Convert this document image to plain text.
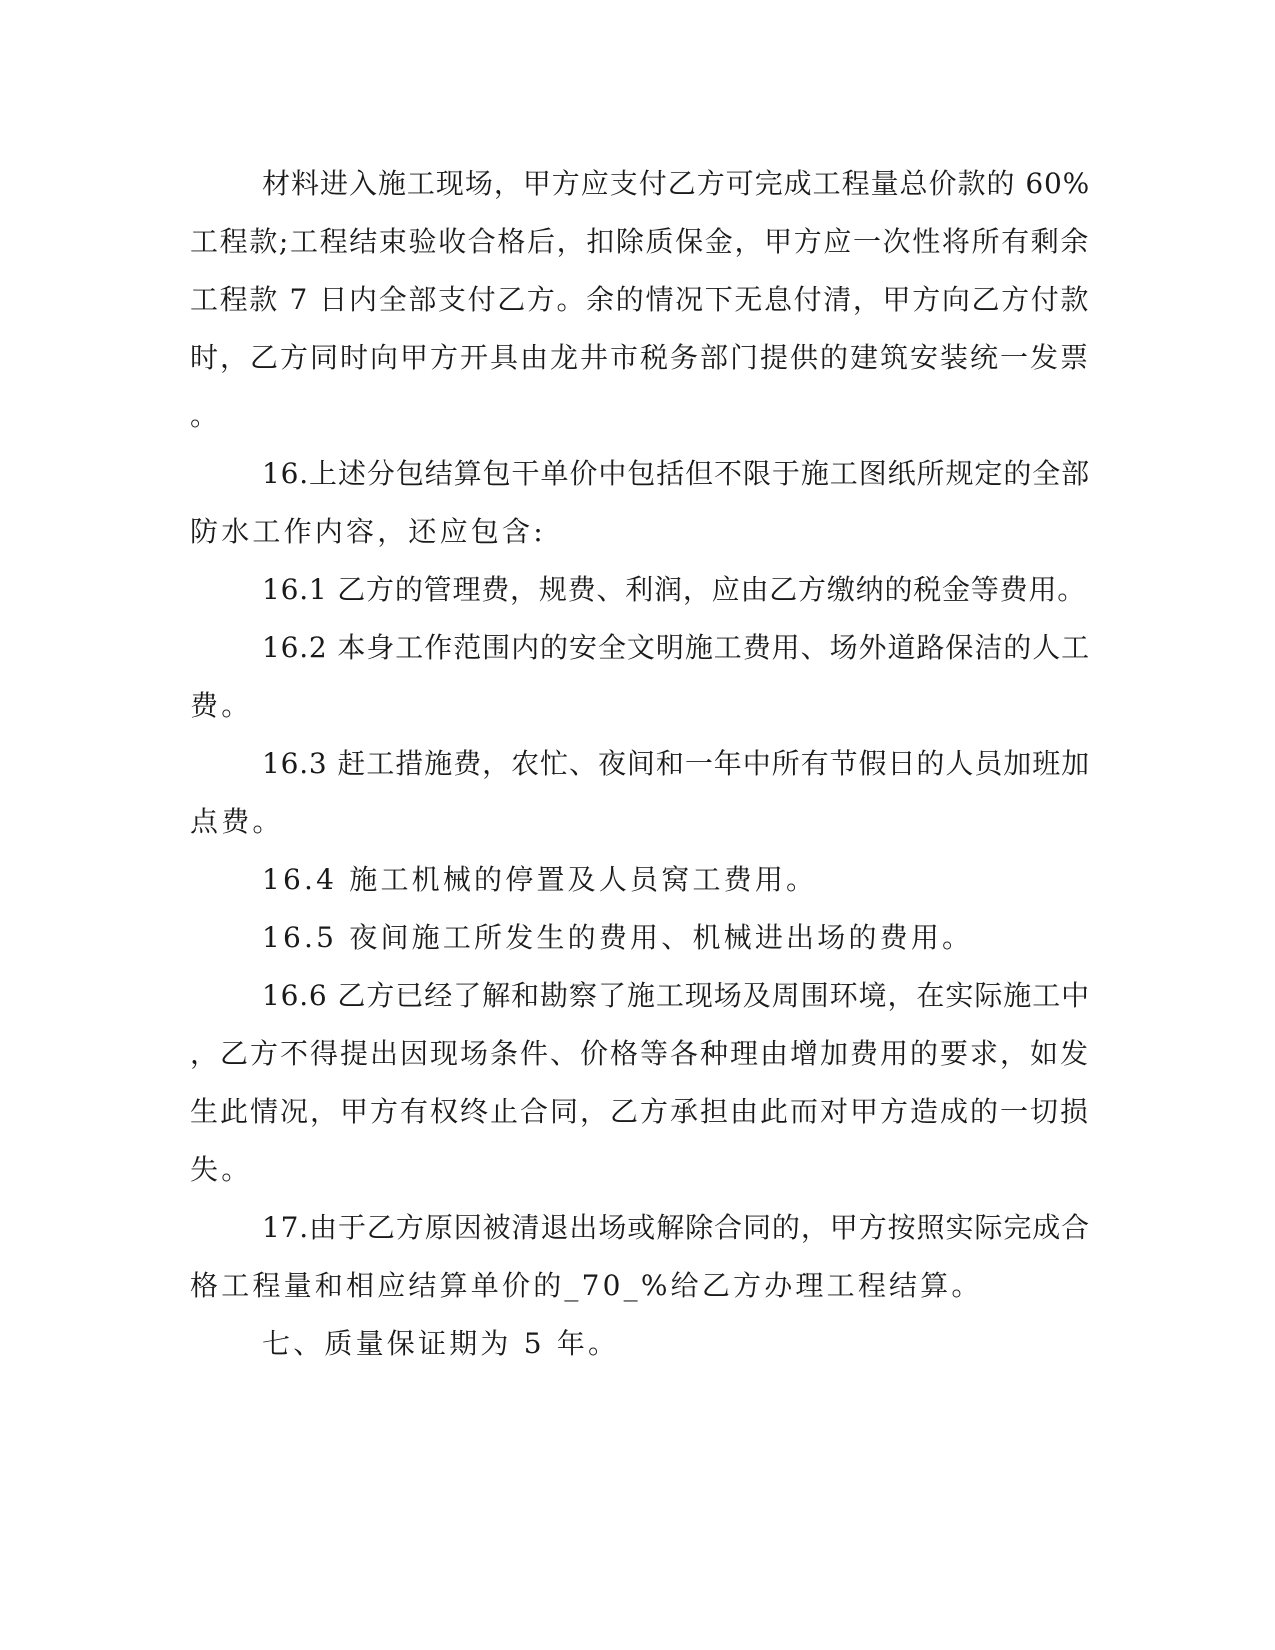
材料进入施工现场，甲方应支付乙方可完成工程量总价款的 60%
工程款;工程结束验收合格后，扣除质保金，甲方应一次性将所有剩余
工程款 7 日内全部支付乙方。余的情况下无息付清，甲方向乙方付款
时，乙方同时向甲方开具由龙井市税务部门提供的建筑安装统一发票
。
16.上述分包结算包干单价中包括但不限于施工图纸所规定的全部
防水工作内容，还应包含:
16.1 乙方的管理费，规费、利润，应由乙方缴纳的税金等费用。
16.2 本身工作范围内的安全文明施工费用、场外道路保洁的人工
费。
16.3 赶工措施费，农忙、夜间和一年中所有节假日的人员加班加
点费。
16.4 施工机械的停置及人员窝工费用。
16.5 夜间施工所发生的费用、机械进出场的费用。
16.6 乙方已经了解和勘察了施工现场及周围环境，在实际施工中
，乙方不得提出因现场条件、价格等各种理由增加费用的要求，如发
生此情况，甲方有权终止合同，乙方承担由此而对甲方造成的一切损
失。
17.由于乙方原因被清退出场或解除合同的，甲方按照实际完成合
格工程量和相应结算单价的_70_%给乙方办理工程结算。
七、质量保证期为 5 年。
